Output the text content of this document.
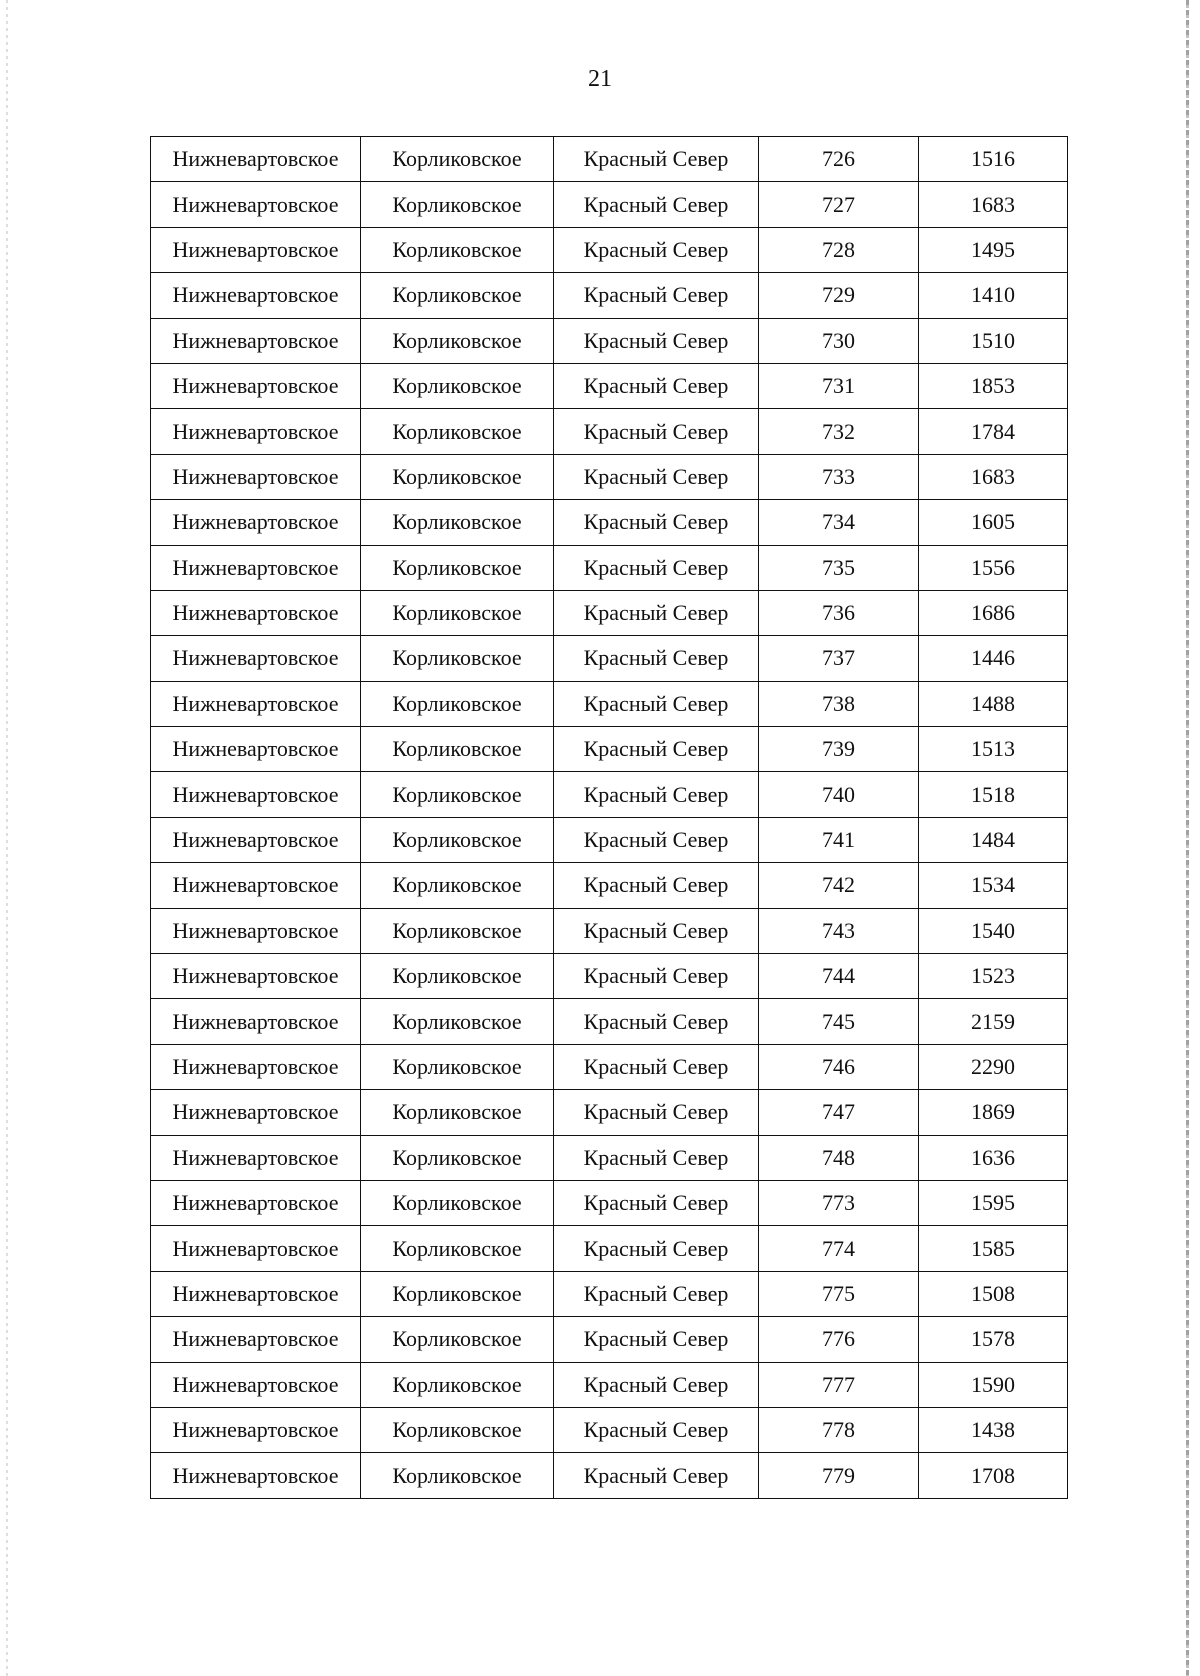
21
Нижневартовское	Корликовское	Красный Север	726	1516
Нижневартовское	Корликовское	Красный Север	727	1683
Нижневартовское	Корликовское	Красный Север	728	1495
Нижневартовское	Корликовское	Красный Север	729	1410
Нижневартовское	Корликовское	Красный Север	730	1510
Нижневартовское	Корликовское	Красный Север	731	1853
Нижневартовское	Корликовское	Красный Север	732	1784
Нижневартовское	Корликовское	Красный Север	733	1683
Нижневартовское	Корликовское	Красный Север	734	1605
Нижневартовское	Корликовское	Красный Север	735	1556
Нижневартовское	Корликовское	Красный Север	736	1686
Нижневартовское	Корликовское	Красный Север	737	1446
Нижневартовское	Корликовское	Красный Север	738	1488
Нижневартовское	Корликовское	Красный Север	739	1513
Нижневартовское	Корликовское	Красный Север	740	1518
Нижневартовское	Корликовское	Красный Север	741	1484
Нижневартовское	Корликовское	Красный Север	742	1534
Нижневартовское	Корликовское	Красный Север	743	1540
Нижневартовское	Корликовское	Красный Север	744	1523
Нижневартовское	Корликовское	Красный Север	745	2159
Нижневартовское	Корликовское	Красный Север	746	2290
Нижневартовское	Корликовское	Красный Север	747	1869
Нижневартовское	Корликовское	Красный Север	748	1636
Нижневартовское	Корликовское	Красный Север	773	1595
Нижневартовское	Корликовское	Красный Север	774	1585
Нижневартовское	Корликовское	Красный Север	775	1508
Нижневартовское	Корликовское	Красный Север	776	1578
Нижневартовское	Корликовское	Красный Север	777	1590
Нижневартовское	Корликовское	Красный Север	778	1438
Нижневартовское	Корликовское	Красный Север	779	1708
